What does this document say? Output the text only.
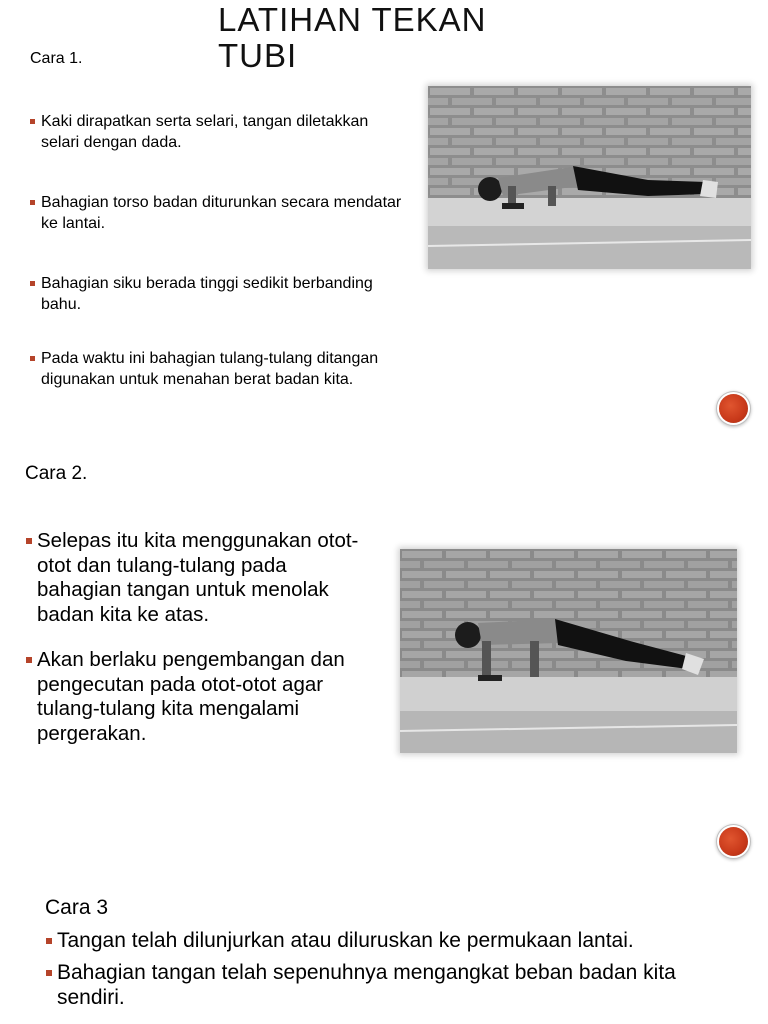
LATIHAN TEKAN TUBI
Cara 1.
Kaki dirapatkan serta selari, tangan diletakkan selari dengan dada.
Bahagian torso badan diturunkan secara mendatar ke lantai.
Bahagian siku berada tinggi sedikit berbanding bahu.
Pada waktu ini bahagian tulang-tulang ditangan digunakan untuk menahan berat badan kita.
Cara 2.
Selepas itu kita menggunakan otot-otot dan tulang-tulang pada bahagian tangan untuk menolak badan kita ke atas.
Akan berlaku pengembangan dan pengecutan pada otot-otot agar tulang-tulang kita mengalami pergerakan.
Cara 3
Tangan telah dilunjurkan atau diluruskan ke permukaan lantai.
Bahagian tangan telah sepenuhnya mengangkat beban badan kita sendiri.
